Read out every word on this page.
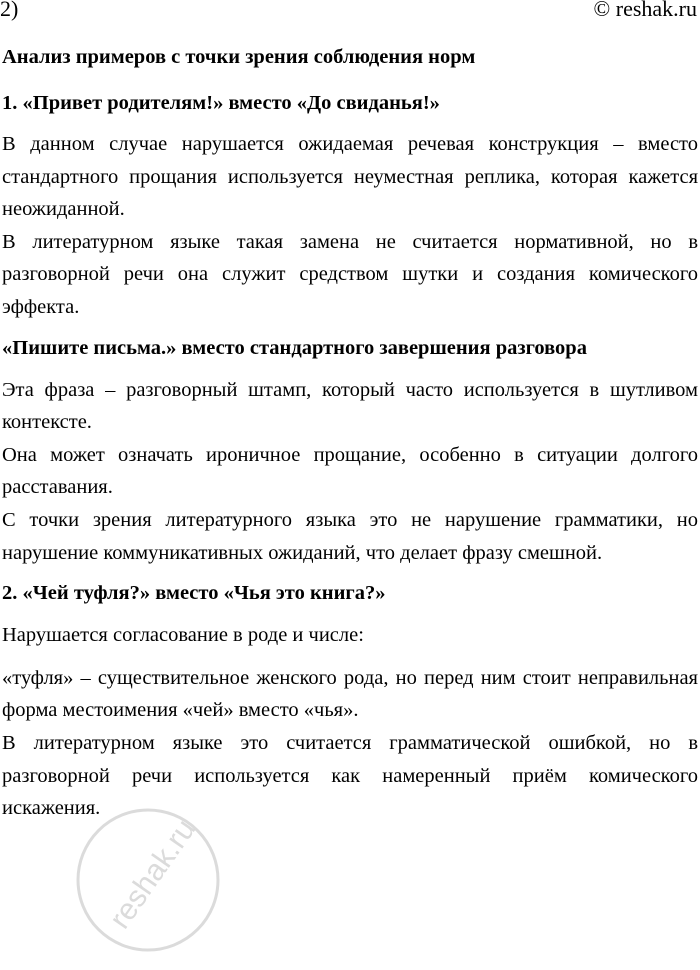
2)	© reshak.ru
Анализ примеров с точки зрения соблюдения норм
1. «Привет родителям!» вместо «До свиданья!»

В данном случае нарушается ожидаемая речевая конструкция – вместо стандартного прощания используется неуместная реплика, которая кажется неожиданной.

В литературном языке такая замена не считается нормативной, но в разговорной речи она служит средством шутки и создания комического эффекта.

«Пишите письма.» вместо стандартного завершения разговора

Эта фраза – разговорный штамп, который часто используется в шутливом контексте.

Она может означать ироничное прощание, особенно в ситуации долгого расставания.

С точки зрения литературного языка это не нарушение грамматики, но нарушение коммуникативных ожиданий, что делает фразу смешной.

2. «Чей туфля?» вместо «Чья это книга?»

Нарушается согласование в роде и числе:

«туфля» – существительное женского рода, но перед ним стоит неправильная форма местоимения «чей» вместо «чья».

В литературном языке это считается грамматической ошибкой, но в разговорной речи используется как намеренный приём комического искажения.

reshak.ru
